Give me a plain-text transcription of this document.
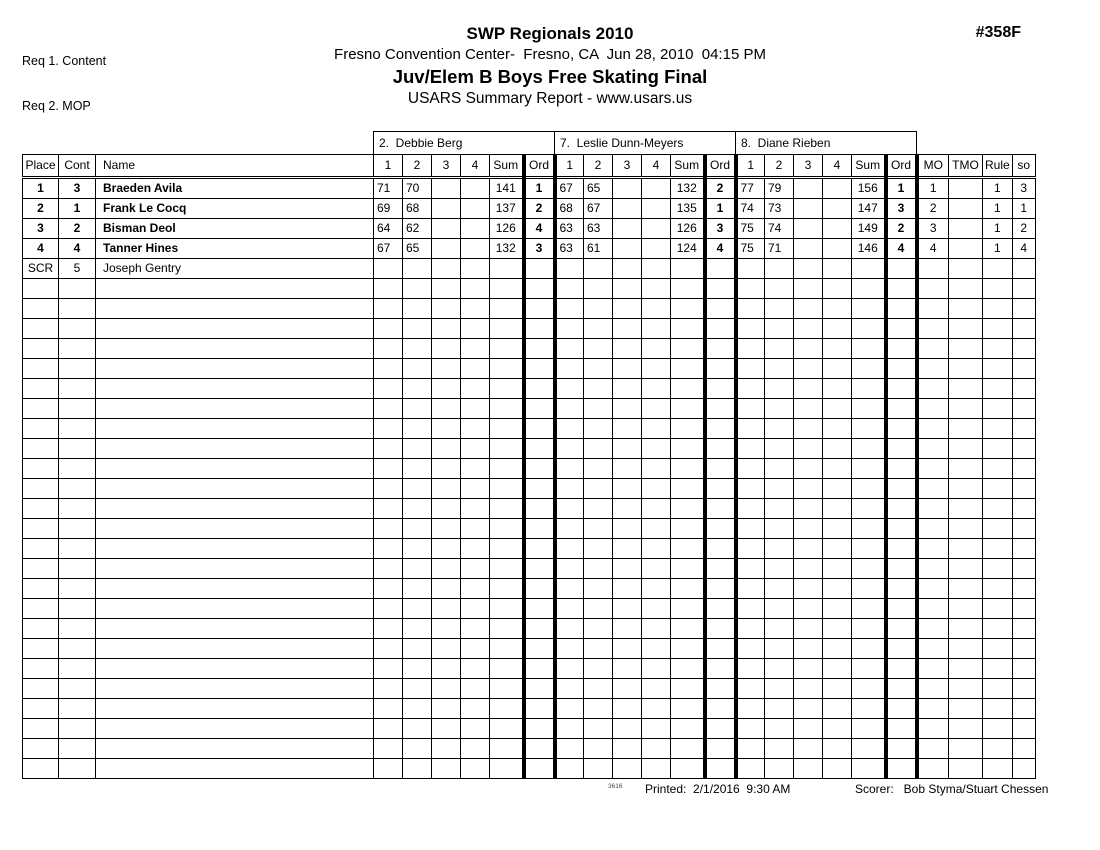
Req 1. Content

Req 2. MOP

SWP Regionals 2010
Fresno Convention Center-  Fresno, CA  Jun 28, 2010  04:15 PM
Juv/Elem B Boys Free Skating Final
USARS Summary Report - www.usars.us
#358F
			2.  Debbie Berg						7.  Leslie Dunn-Meyers						8.  Diane Rieben									
Place	Cont	Name	1	2	3	4	Sum	Ord	1	2	3	4	Sum	Ord	1	2	3	4	Sum	Ord	MO	TMO	Rule	so
1	3	Braeden Avila	71	70			141	1	67	65			132	2	77	79			156	1	1		1	3
2	1	Frank Le Cocq	69	68			137	2	68	67			135	1	74	73			147	3	2		1	1
3	2	Bisman Deol	64	62			126	4	63	63			126	3	75	74			149	2	3		1	2
4	4	Tanner Hines	67	65			132	3	63	61			124	4	75	71			146	4	4		1	4
SCR	5	Joseph Gentry																						

3616 Printed:  2/1/2016  9:30 AM	Scorer:   Bob Styma/Stuart Chessen
